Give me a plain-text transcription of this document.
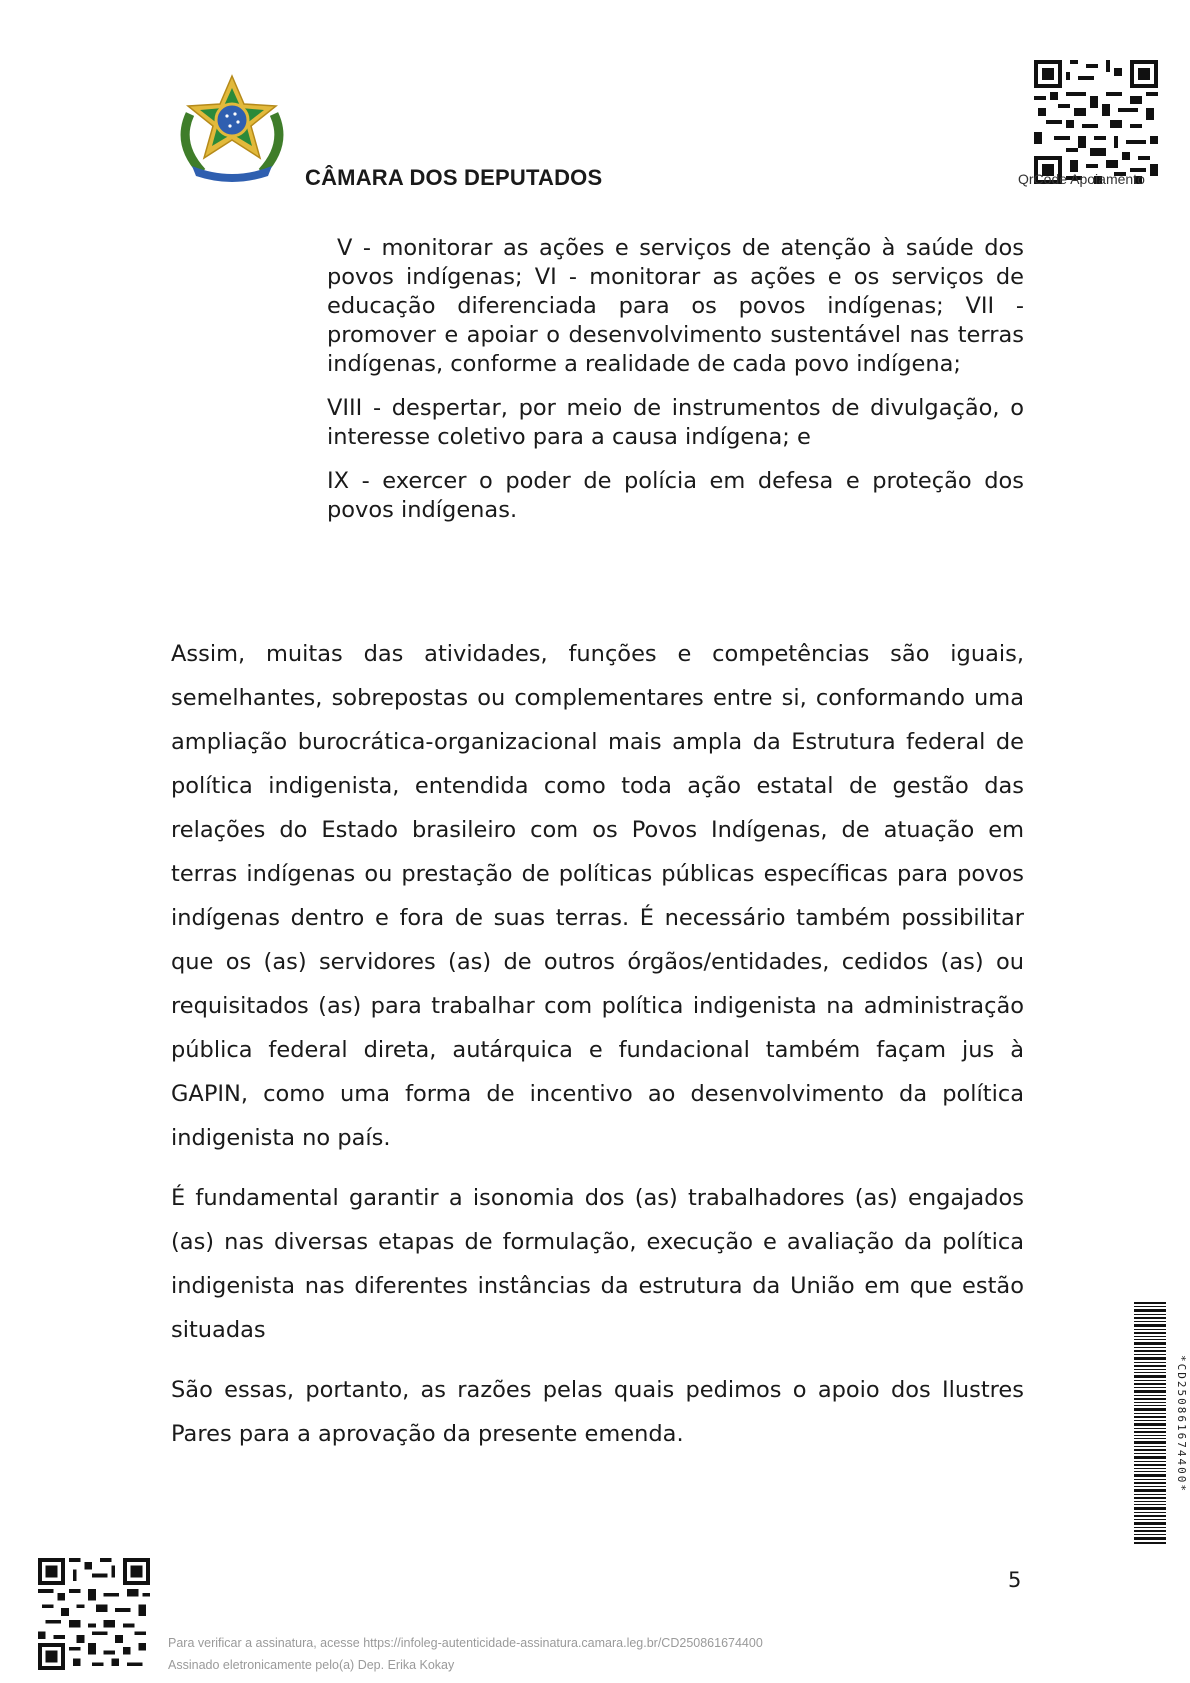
CÂMARA DOS DEPUTADOS	QrCode Apoiamento

V - monitorar as ações e serviços de atenção à saúde dos povos indígenas; VI - monitorar as ações e os serviços de educação diferenciada para os povos indígenas; VII - promover e apoiar o desenvolvimento sustentável nas terras indígenas, conforme a realidade de cada povo indígena;

VIII - despertar, por meio de instrumentos de divulgação, o interesse coletivo para a causa indígena; e

IX - exercer o poder de polícia em defesa e proteção dos povos indígenas.

Assim, muitas das atividades, funções e competências são iguais, semelhantes, sobrepostas ou complementares entre si, conformando uma ampliação burocrática-organizacional mais ampla da Estrutura federal de política indigenista, entendida como toda ação estatal de gestão das relações do Estado brasileiro com os Povos Indígenas, de atuação em terras indígenas ou prestação de políticas públicas específicas para povos indígenas dentro e fora de suas terras. É necessário também possibilitar que os (as) servidores (as) de outros órgãos/entidades, cedidos (as) ou requisitados (as) para trabalhar com política indigenista na administração pública federal direta, autárquica e fundacional também façam jus à GAPIN, como uma forma de incentivo ao desenvolvimento da política indigenista no país.

É fundamental garantir a isonomia dos (as) trabalhadores (as) engajados (as) nas diversas etapas de formulação, execução e avaliação da política indigenista nas diferentes instâncias da estrutura da União em que estão situadas

São essas, portanto, as razões pelas quais pedimos o apoio dos Ilustres Pares para a aprovação da presente emenda.	*CD250861674400*
5
Para verificar a assinatura, acesse https://infoleg-autenticidade-assinatura.camara.leg.br/CD250861674400
Assinado eletronicamente pelo(a) Dep. Erika Kokay
